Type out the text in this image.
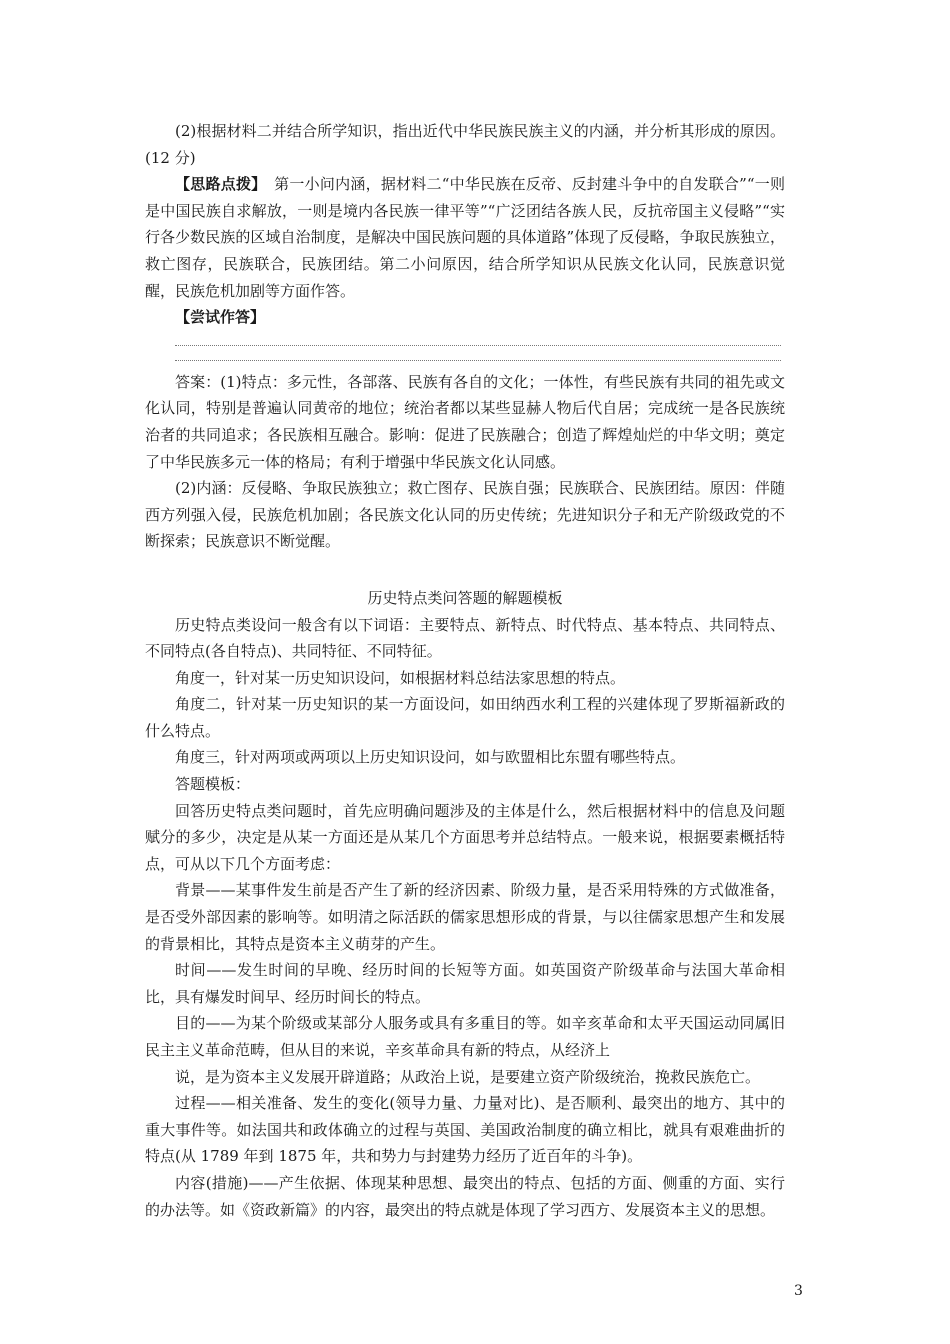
(2)根据材料二并结合所学知识，指出近代中华民族民族主义的内涵，并分析其形成的原因。(12 分)

【思路点拨】　第一小问内涵，据材料二“中华民族在反帝、反封建斗争中的自发联合”“一则是中国民族自求解放，一则是境内各民族一律平等”“广泛团结各族人民，反抗帝国主义侵略”“实行各少数民族的区域自治制度，是解决中国民族问题的具体道路”体现了反侵略，争取民族独立，救亡图存，民族联合，民族团结。第二小问原因，结合所学知识从民族文化认同，民族意识觉醒，民族危机加剧等方面作答。

【尝试作答】

答案：(1)特点：多元性，各部落、民族有各自的文化；一体性，有些民族有共同的祖先或文化认同，特别是普遍认同黄帝的地位；统治者都以某些显赫人物后代自居；完成统一是各民族统治者的共同追求；各民族相互融合。影响：促进了民族融合；创造了辉煌灿烂的中华文明；奠定了中华民族多元一体的格局；有利于增强中华民族文化认同感。

(2)内涵：反侵略、争取民族独立；救亡图存、民族自强；民族联合、民族团结。原因：伴随西方列强入侵，民族危机加剧；各民族文化认同的历史传统；先进知识分子和无产阶级政党的不断探索；民族意识不断觉醒。

历史特点类问答题的解题模板

历史特点类设问一般含有以下词语：主要特点、新特点、时代特点、基本特点、共同特点、不同特点(各自特点)、共同特征、不同特征。

角度一，针对某一历史知识设问，如根据材料总结法家思想的特点。

角度二，针对某一历史知识的某一方面设问，如田纳西水利工程的兴建体现了罗斯福新政的什么特点。

角度三，针对两项或两项以上历史知识设问，如与欧盟相比东盟有哪些特点。

答题模板：

回答历史特点类问题时，首先应明确问题涉及的主体是什么，然后根据材料中的信息及问题赋分的多少，决定是从某一方面还是从某几个方面思考并总结特点。一般来说，根据要素概括特点，可从以下几个方面考虑：

背景——某事件发生前是否产生了新的经济因素、阶级力量，是否采用特殊的方式做准备，是否受外部因素的影响等。如明清之际活跃的儒家思想形成的背景，与以往儒家思想产生和发展的背景相比，其特点是资本主义萌芽的产生。

时间——发生时间的早晚、经历时间的长短等方面。如英国资产阶级革命与法国大革命相比，具有爆发时间早、经历时间长的特点。

目的——为某个阶级或某部分人服务或具有多重目的等。如辛亥革命和太平天国运动同属旧民主主义革命范畴，但从目的来说，辛亥革命具有新的特点，从经济上

说，是为资本主义发展开辟道路；从政治上说，是要建立资产阶级统治，挽救民族危亡。

过程——相关准备、发生的变化(领导力量、力量对比)、是否顺利、最突出的地方、其中的重大事件等。如法国共和政体确立的过程与英国、美国政治制度的确立相比，就具有艰难曲折的特点(从 1789 年到 1875 年，共和势力与封建势力经历了近百年的斗争)。

内容(措施)——产生依据、体现某种思想、最突出的特点、包括的方面、侧重的方面、实行的办法等。如《资政新篇》的内容，最突出的特点就是体现了学习西方、发展资本主义的思想。

3
